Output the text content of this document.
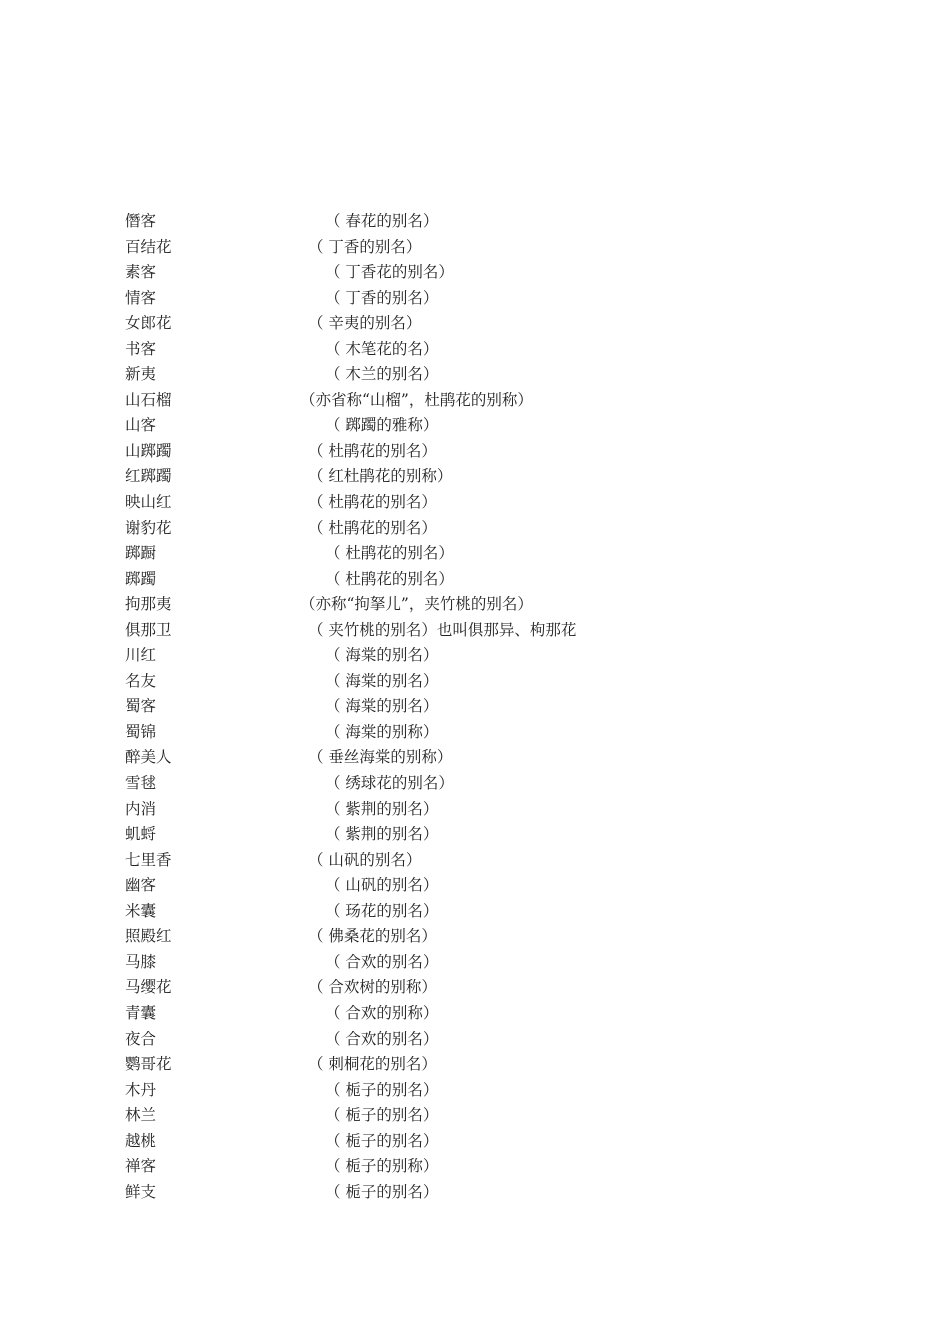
僭客	（ 春花的别名）
百结花	（ 丁香的别名）
素客	（ 丁香花的别名）
情客	（ 丁香的别名）
女郎花	（ 辛夷的别名）
书客	（ 木笔花的名）
新夷	（ 木兰的别名）
山石榴	（亦省称“山榴”，杜鹃花的别称）
山客	（ 踯躅的雅称）
山踯躅	（ 杜鹃花的别名）
红踯躅	（ 红杜鹃花的别称）
映山红	（ 杜鹃花的别名）
谢豹花	（ 杜鹃花的别名）
踯蹰	（ 杜鹃花的别名）
踯躅	（ 杜鹃花的别名）
拘那夷	（亦称“拘拏儿”，夹竹桃的别名）
俱那卫	（ 夹竹桃的别名）也叫俱那异、枸那花
川红	（ 海棠的别名）
名友	（ 海棠的别名）
蜀客	（ 海棠的别名）
蜀锦	（ 海棠的别称）
醉美人	（ 垂丝海棠的别称）
雪毬	（ 绣球花的别名）
内消	（ 紫荆的别名）
虮蛶	（ 紫荆的别名）
七里香	（ 山矾的别名）
幽客	（ 山矾的别名）
米囊	（ 玚花的别名）
照殿红	（ 佛桑花的别名）
马膝	（ 合欢的别名）
马缨花	（ 合欢树的别称）
青囊	（ 合欢的别称）
夜合	（ 合欢的别名）
鹦哥花	（ 刺桐花的别名）
木丹	（ 栀子的别名）
林兰	（ 栀子的别名）
越桃	（ 栀子的别名）
禅客	（ 栀子的别称）
鲜支	（ 栀子的别名）
